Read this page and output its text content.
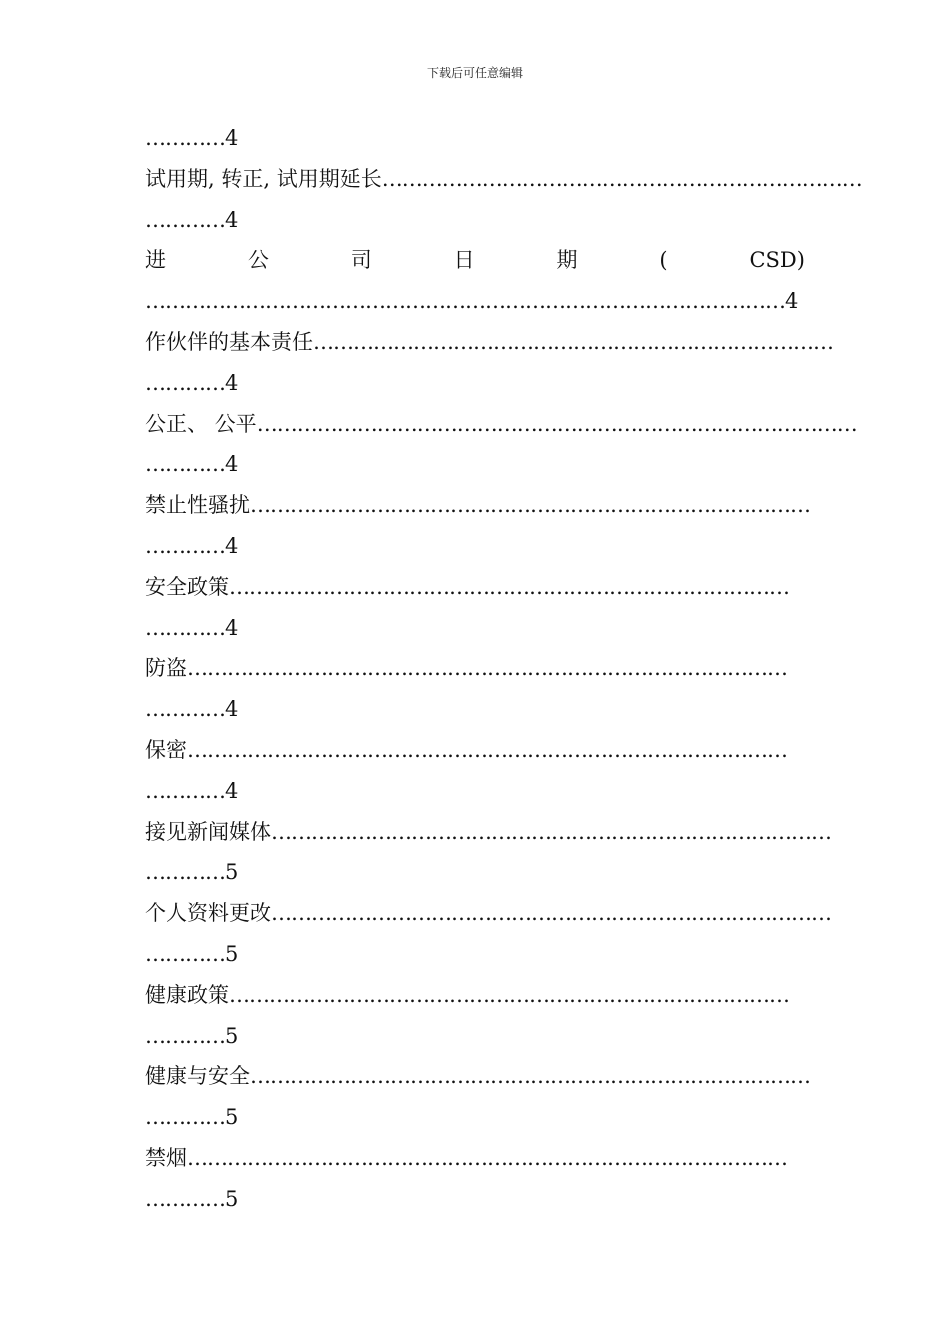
下载后可任意编辑
…………4
试用期, 转正, 试用期延长………………………………………………………………
…………4
进	公	司	日	期	(	CSD)
……………………………………………………………………………………4
作伙伴的基本责任……………………………………………………………………
…………4
公正、 公平………………………………………………………………………………
…………4
禁止性骚扰…………………………………………………………………………
…………4
安全政策…………………………………………………………………………
…………4
防盗………………………………………………………………………………
…………4
保密………………………………………………………………………………
…………4
接见新闻媒体…………………………………………………………………………
…………5
个人资料更改…………………………………………………………………………
…………5
健康政策…………………………………………………………………………
…………5
健康与安全…………………………………………………………………………
…………5
禁烟………………………………………………………………………………
…………5
